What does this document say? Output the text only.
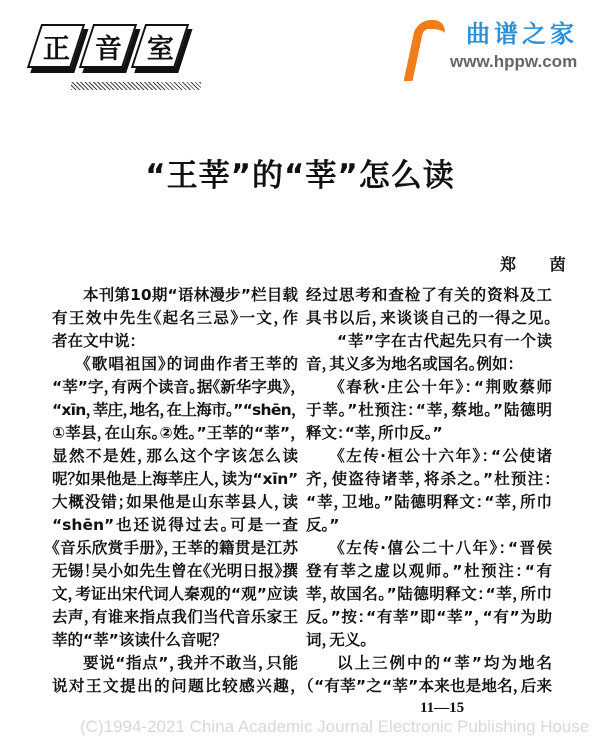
正 音 室
“王莘”的“莘”怎么读
郑 茵
本刊第10期“语林漫步”栏目载
有王效中先生《起名三忌》一文，作
者在文中说：
《歌唱祖国》的词曲作者王莘的
“莘”字，有两个读音。据《新华字典》，
“xīn，莘庄，地名，在上海市。”“shēn，
①莘县，在山东。②姓。”王莘的“莘”，
显然不是姓，那么这个字该怎么读
呢？如果他是上海莘庄人，读为“xīn”
大概没错；如果他是山东莘县人，读
“shēn”也还说得过去。可是一查
《音乐欣赏手册》，王莘的籍贯是江苏
无锡！吴小如先生曾在《光明日报》撰
文，考证出宋代词人秦观的“观”应读
去声，有谁来指点我们当代音乐家王
莘的“莘”该读什么音呢？
要说“指点”，我并不敢当，只能
说对王文提出的问题比较感兴趣，
经过思考和查检了有关的资料及工
具书以后，来谈谈自己的一得之见。
“莘”字在古代起先只有一个读
音，其义多为地名或国名。例如：
《春秋·庄公十年》：“荆败蔡师
于莘。”杜预注：“莘，蔡地。”陆德明
释文：“莘，所巾反。”
《左传·桓公十六年》：“公使诸
齐，使盗待诸莘，将杀之。”杜预注：
“莘，卫地。”陆德明释文：“莘，所巾
反。”
《左传·僖公二十八年》：“晋侯
登有莘之虚以观师。”杜预注：“有
莘，故国名。”陆德明释文：“莘，所巾
反。”按：“有莘”即“莘”，“有”为助
词，无义。
以上三例中的“莘”均为地名
（“有莘”之“莘”本来也是地名，后来
11—15
(C)1994-2021 China Academic Journal Electronic Publishing House
曲谱之家
www.hppw.com
